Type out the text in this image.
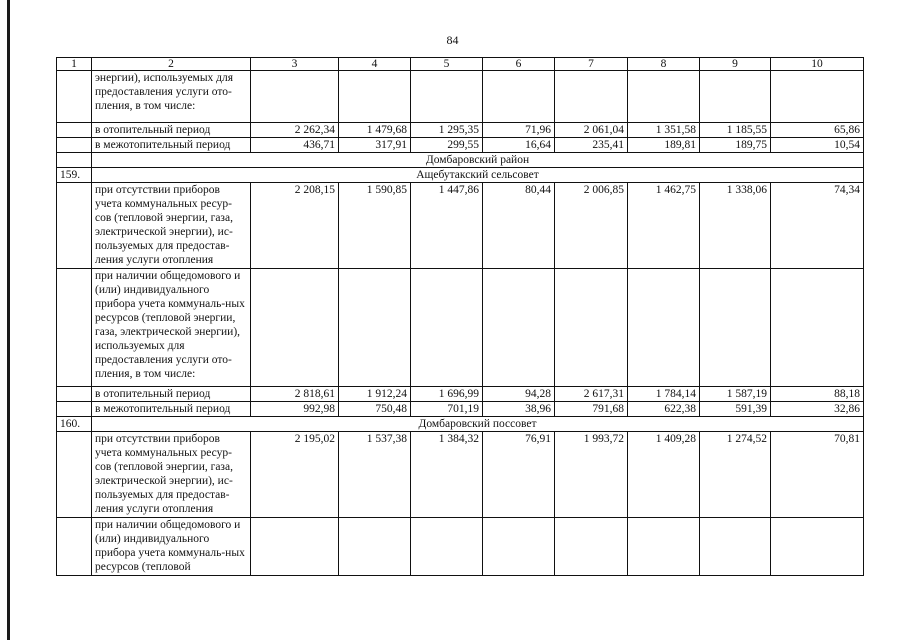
84
1	2	3	4	5	6	7	8	9	10
	энергии), используемых для предоставления услуги ото-пления, в том числе:								
	в отопительный период	2 262,34	1 479,68	1 295,35	71,96	2 061,04	1 351,58	1 185,55	65,86
	в межотопительный период	436,71	317,91	299,55	16,64	235,41	189,81	189,75	10,54
	Домбаровский район								
159.	Ащебутакский сельсовет								
	при отсутствии приборов учета коммунальных ресур-сов (тепловой энергии, газа, электрической энергии), ис-пользуемых для предостав-ления услуги отопления	2 208,15	1 590,85	1 447,86	80,44	2 006,85	1 462,75	1 338,06	74,34
	при наличии общедомового и (или) индивидуального прибора учета коммуналь-ных ресурсов (тепловой энергии, газа, электрической энергии), используемых для предоставления услуги ото-пления, в том числе:								
	в отопительный период	2 818,61	1 912,24	1 696,99	94,28	2 617,31	1 784,14	1 587,19	88,18
	в межотопительный период	992,98	750,48	701,19	38,96	791,68	622,38	591,39	32,86
160.	Домбаровский поссовет								
	при отсутствии приборов учета коммунальных ресур-сов (тепловой энергии, газа, электрической энергии), ис-пользуемых для предостав-ления услуги отопления	2 195,02	1 537,38	1 384,32	76,91	1 993,72	1 409,28	1 274,52	70,81
	при наличии общедомового и (или) индивидуального прибора учета коммуналь-ных ресурсов (тепловой								
